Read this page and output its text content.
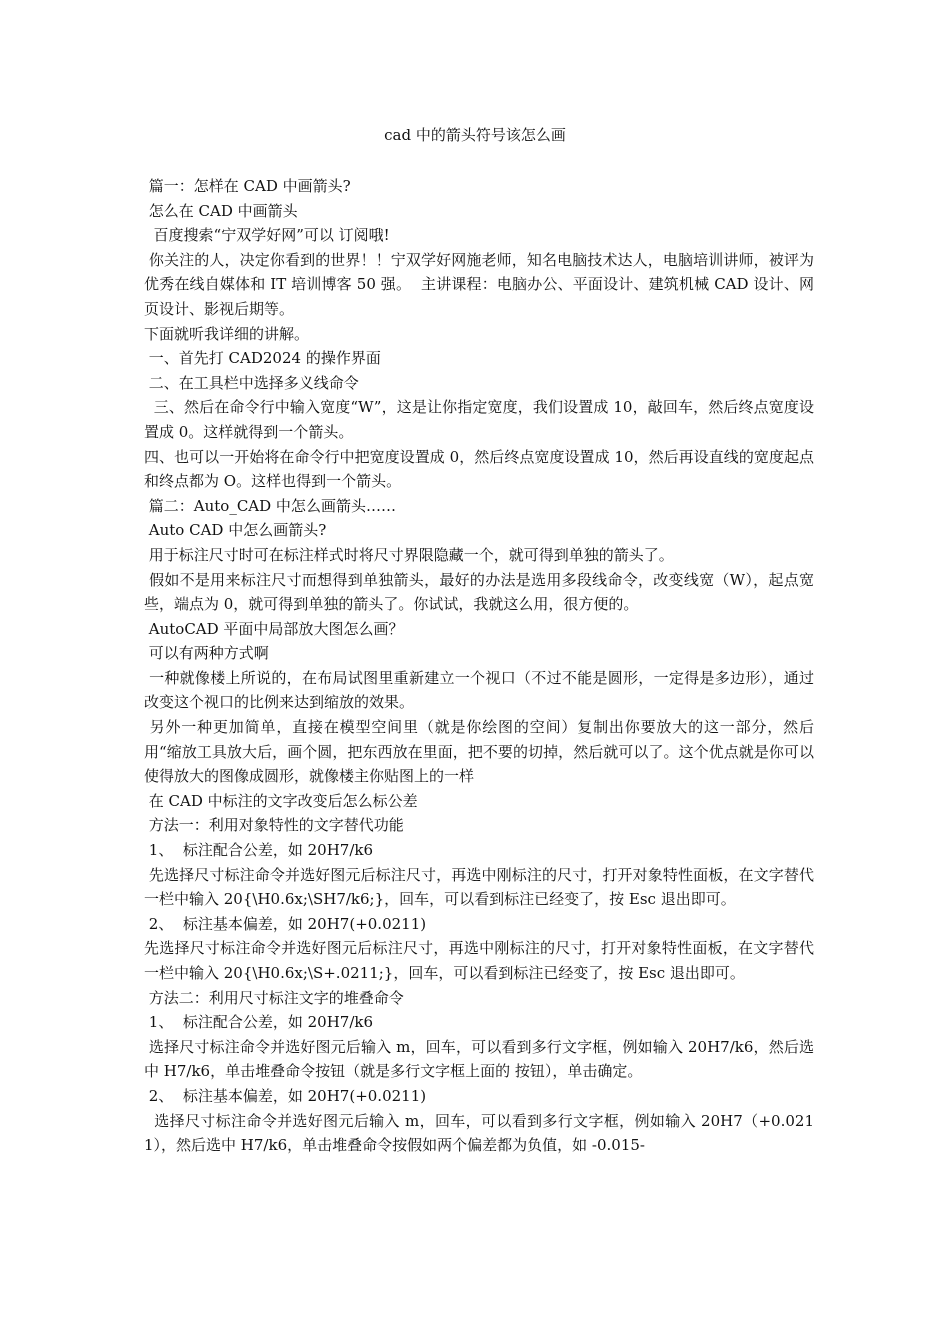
cad 中的箭头符号该怎么画

篇一：怎样在 CAD 中画箭头?

怎么在 CAD 中画箭头

百度搜索“宁双学好网”可以 订阅哦!

你关注的人，决定你看到的世界！！宁双学好网施老师，知名电脑技术达人，电脑培训讲师，被评为优秀在线自媒体和 IT 培训博客 50 强。  主讲课程：电脑办公、平面设计、建筑机械 CAD 设计、网页设计、影视后期等。

下面就听我详细的讲解。

一、首先打 CAD2024 的操作界面

二、在工具栏中选择多义线命令

三、然后在命令行中输入宽度“W”，这是让你指定宽度，我们设置成 10，敲回车，然后终点宽度设置成 0。这样就得到一个箭头。

四、也可以一开始将在命令行中把宽度设置成 0，然后终点宽度设置成 10，然后再设直线的宽度起点和终点都为 O。这样也得到一个箭头。

篇二：Auto_CAD 中怎么画箭头……

Auto CAD 中怎么画箭头?

用于标注尺寸时可在标注样式时将尺寸界限隐藏一个，就可得到单独的箭头了。

假如不是用来标注尺寸而想得到单独箭头，最好的办法是选用多段线命令，改变线宽（W），起点宽些，端点为 0，就可得到单独的箭头了。你试试，我就这么用，很方便的。

AutoCAD 平面中局部放大图怎么画？

可以有两种方式啊

一种就像楼上所说的，在布局试图里重新建立一个视口（不过不能是圆形，一定得是多边形），通过改变这个视口的比例来达到缩放的效果。

另外一种更加简单，直接在模型空间里（就是你绘图的空间）复制出你要放大的这一部分，然后用“缩放工具放大后，画个圆，把东西放在里面，把不要的切掉，然后就可以了。这个优点就是你可以使得放大的图像成圆形，就像楼主你贴图上的一样

在 CAD 中标注的文字改变后怎么标公差

方法一：利用对象特性的文字替代功能

1、  标注配合公差，如 20H7/k6

先选择尺寸标注命令并选好图元后标注尺寸，再选中刚标注的尺寸，打开对象特性面板，在文字替代一栏中输入 20{\H0.6x;\SH7/k6;}，回车，可以看到标注已经变了，按 Esc 退出即可。

2、  标注基本偏差，如 20H7(+0.0211)

先选择尺寸标注命令并选好图元后标注尺寸，再选中刚标注的尺寸，打开对象特性面板，在文字替代一栏中输入 20{\H0.6x;\S+.0211;}，回车，可以看到标注已经变了，按 Esc 退出即可。

方法二：利用尺寸标注文字的堆叠命令

1、  标注配合公差，如 20H7/k6

选择尺寸标注命令并选好图元后输入 m，回车，可以看到多行文字框，例如输入 20H7/k6，然后选中 H7/k6，单击堆叠命令按钮（就是多行文字框上面的 按钮），单击确定。

2、  标注基本偏差，如 20H7(+0.0211)

选择尺寸标注命令并选好图元后输入 m，回车，可以看到多行文字框，例如输入 20H7（+0.0211），然后选中 H7/k6，单击堆叠命令按假如两个偏差都为负值，如 -0.015-
